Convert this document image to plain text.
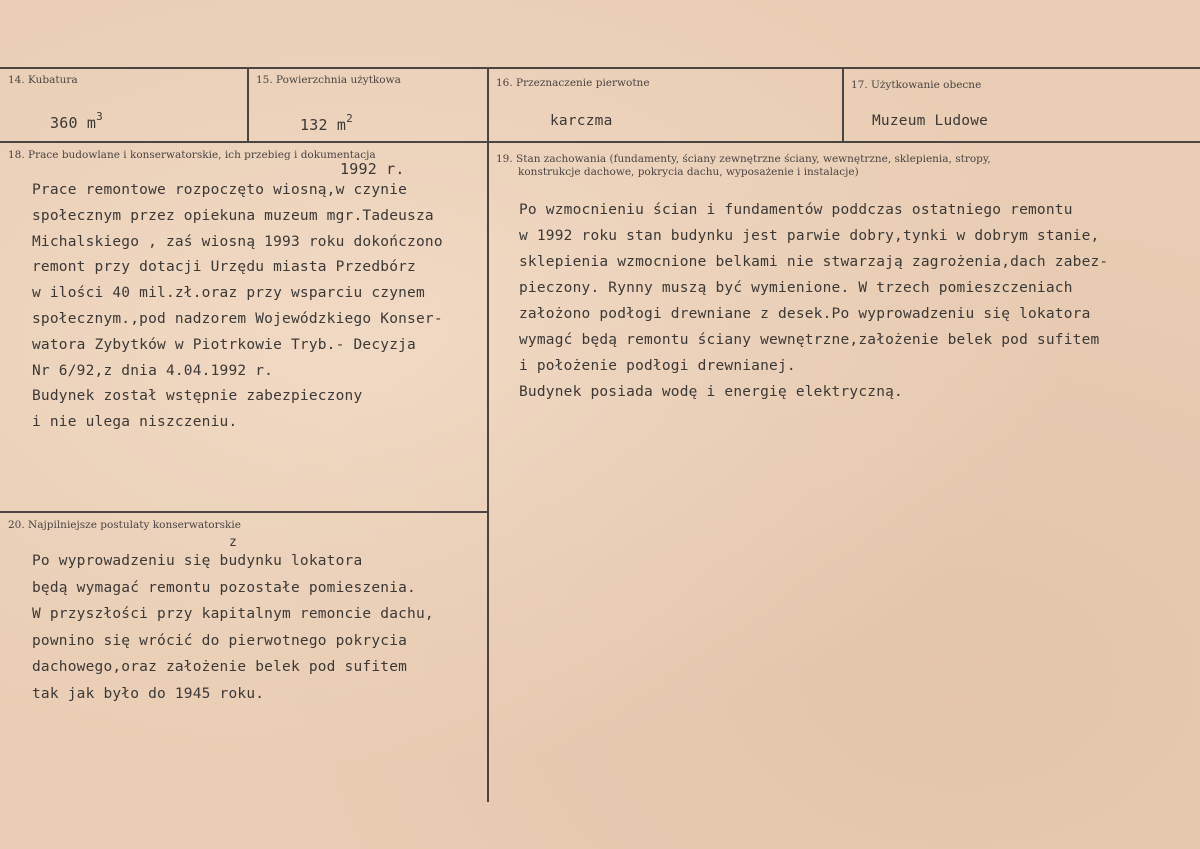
14. Kubatura
360 $m^3$
15. Powierzchnia użytkowa
132 $m^2$
16. Przeznaczenie pierwotne
karczma
17. Użytkowanie obecne
Muzeum Ludowe
18. Prace budowlane i konserwatorskie, ich przebieg i dokumentacja
1992 r.
Prace remontowe rozpoczęto wiosną,w czynie
społecznym przez opiekuna muzeum mgr.Tadeusza
Michalskiego , zaś wiosną 1993 roku dokończono
remont przy dotacji Urzędu miasta Przedbórz
w ilości 40 mil.zł.oraz przy wsparciu czynem
społecznym.,pod nadzorem Wojewódzkiego Konser-
watora Zybytków w Piotrkowie Tryb.- Decyzja
Nr 6/92,z dnia 4.04.1992 r.
Budynek został wstępnie zabezpieczony
i nie ulega niszczeniu.
19. Stan zachowania (fundamenty, ściany zewnętrzne ściany, wewnętrzne, sklepienia, stropy,
konstrukcje dachowe, pokrycia dachu, wyposażenie i instalacje)
Po wzmocnieniu ścian i fundamentów poddczas ostatniego remontu
w 1992 roku stan budynku jest parwie dobry,tynki w dobrym stanie,
sklepienia wzmocnione belkami nie stwarzają zagrożenia,dach zabez-
pieczony. Rynny muszą być wymienione. W trzech pomieszczeniach
założono podłogi drewniane z desek.Po wyprowadzeniu się lokatora
wymagć będą remontu ściany wewnętrzne,założenie belek pod sufitem
i położenie podłogi drewnianej.
Budynek posiada wodę i energię elektryczną.
20. Najpilniejsze postulaty konserwatorskie
z
Po wyprowadzeniu się budynku lokatora
będą wymagać remontu pozostałe pomieszenia.
W przyszłości przy kapitalnym remoncie dachu,
pownino się wrócić do pierwotnego pokrycia
dachowego,oraz założenie belek pod sufitem
tak jak było do 1945 roku.
